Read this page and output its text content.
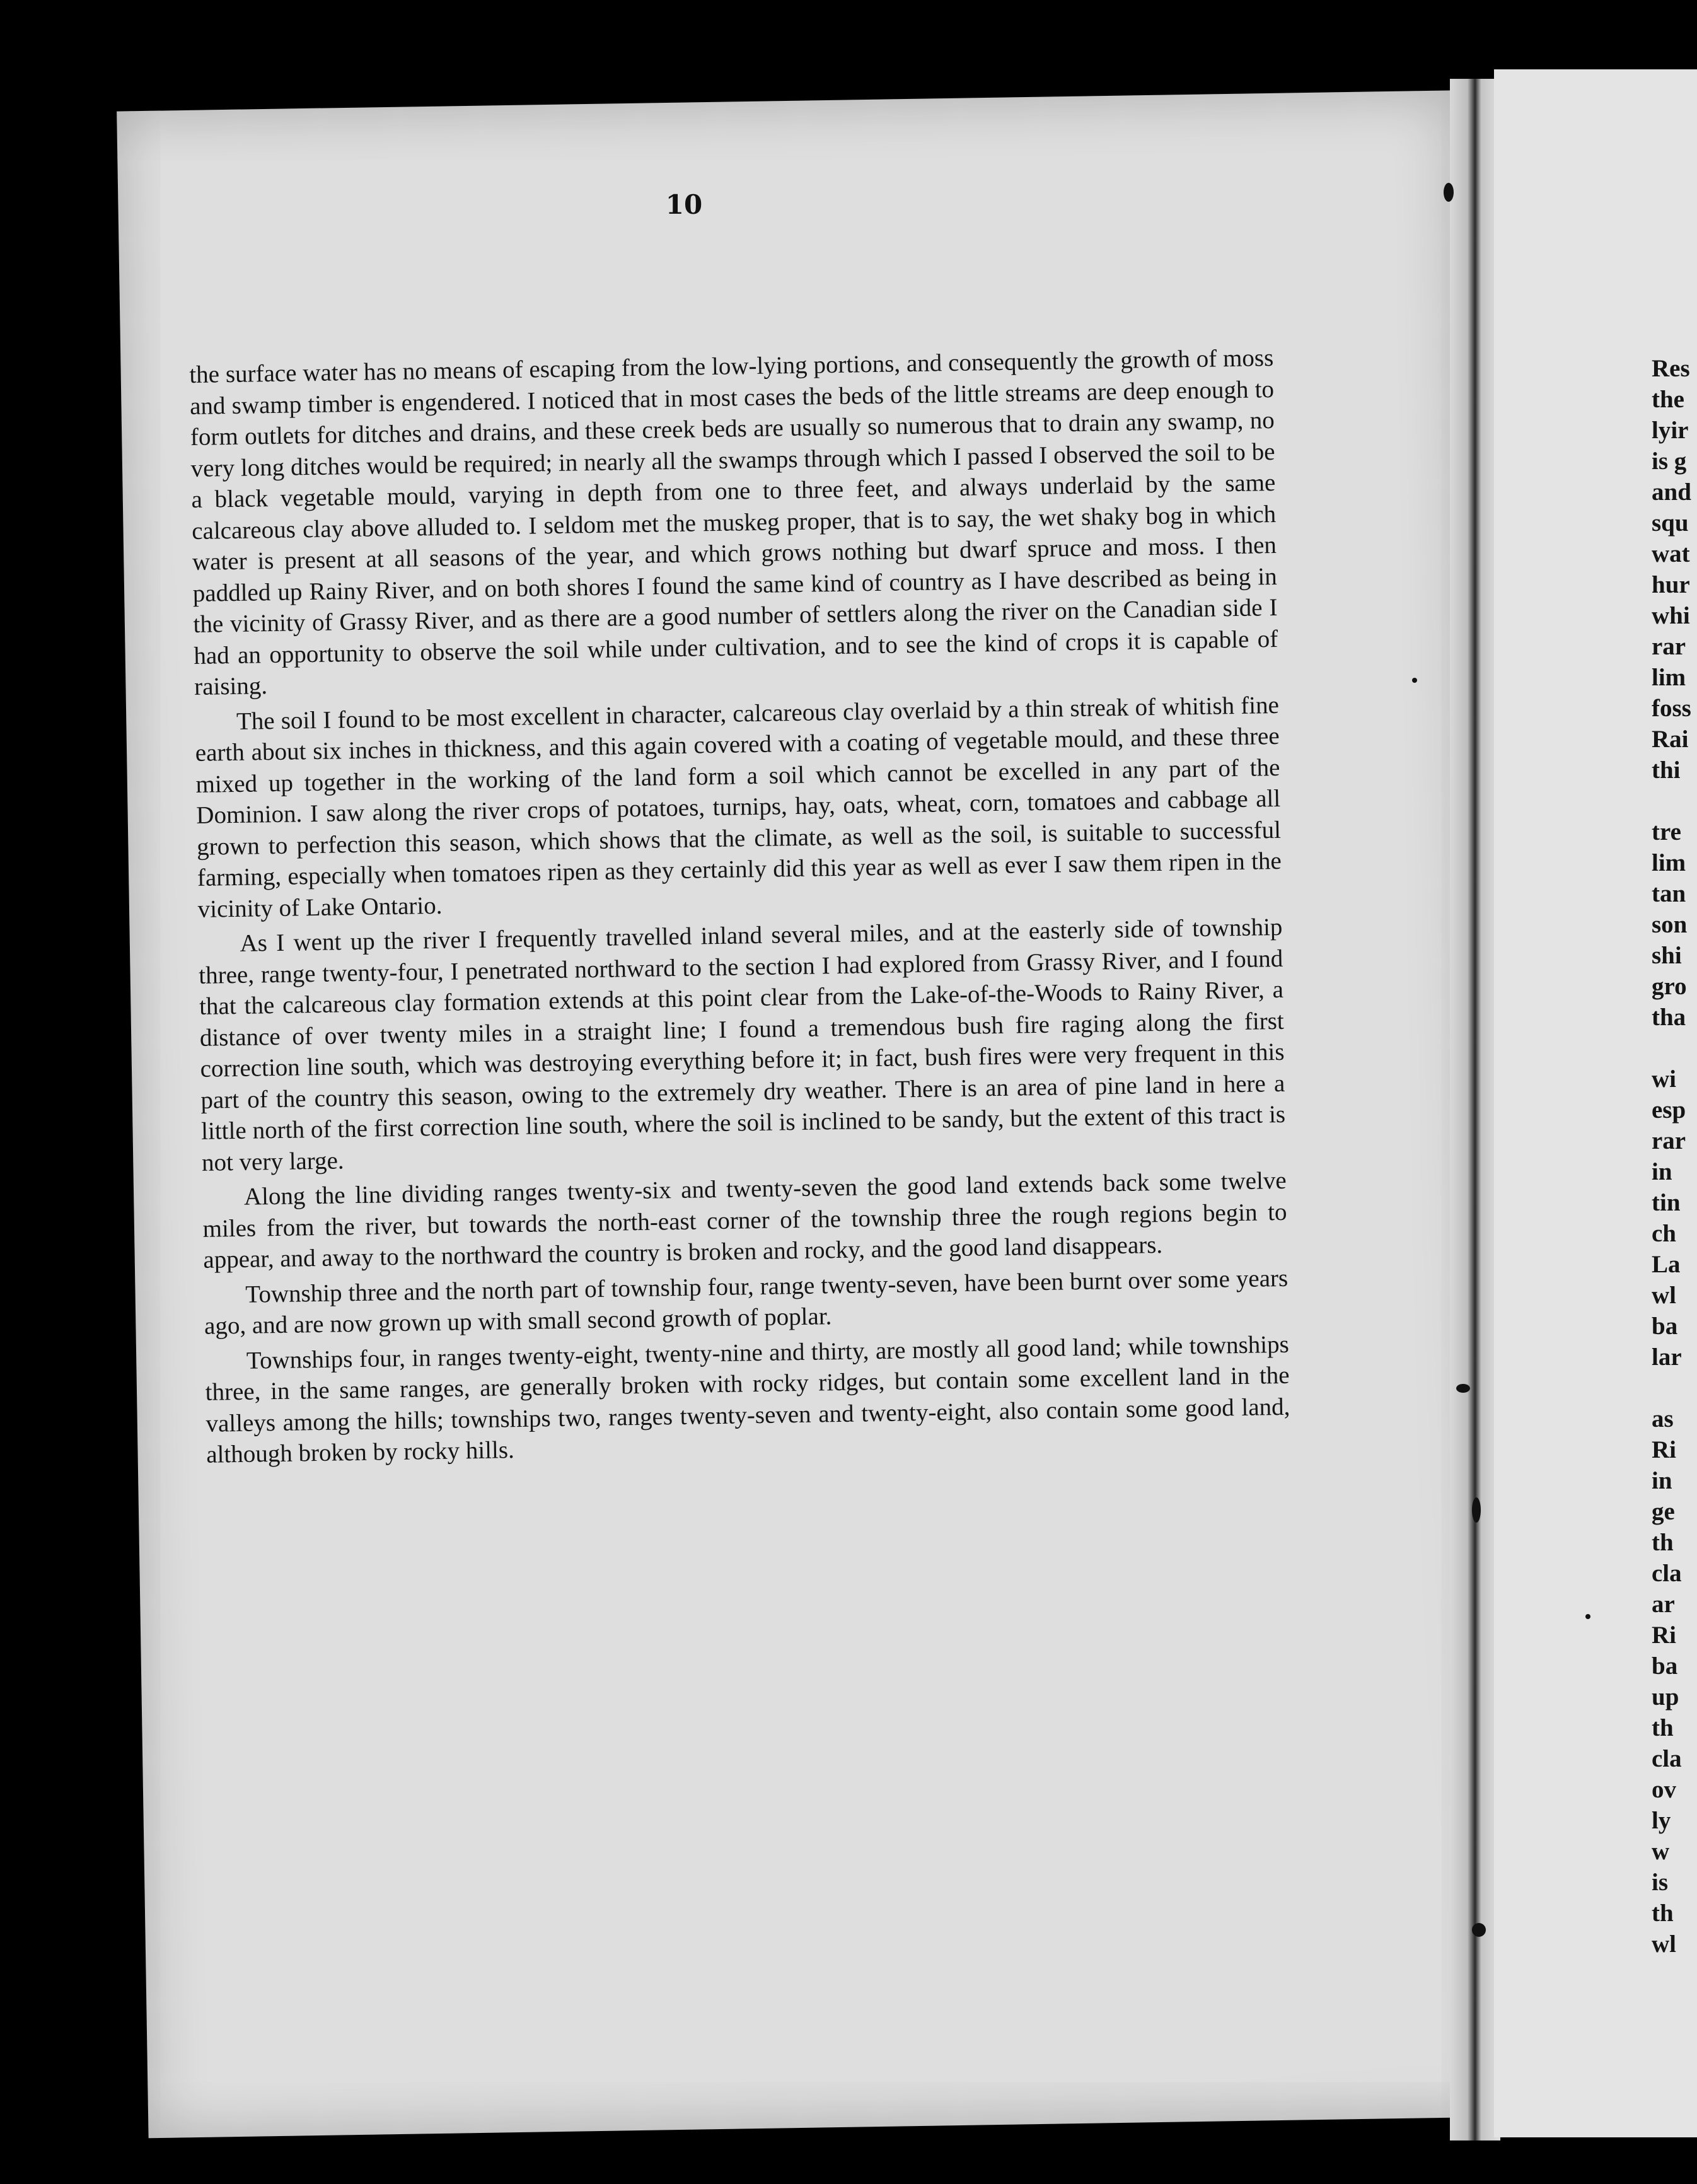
10

the surface water has no means of escaping from the low-lying portions, and consequently the growth of moss and swamp timber is engendered. I noticed that in most cases the beds of the little streams are deep enough to form outlets for ditches and drains, and these creek beds are usually so numerous that to drain any swamp, no very long ditches would be required; in nearly all the swamps through which I passed I observed the soil to be a black vegetable mould, varying in depth from one to three feet, and always underlaid by the same calcareous clay above alluded to. I seldom met the muskeg proper, that is to say, the wet shaky bog in which water is present at all seasons of the year, and which grows nothing but dwarf spruce and moss. I then paddled up Rainy River, and on both shores I found the same kind of country as I have described as being in the vicinity of Grassy River, and as there are a good number of settlers along the river on the Canadian side I had an opportunity to observe the soil while under cultivation, and to see the kind of crops it is capable of raising.

The soil I found to be most excellent in character, calcareous clay overlaid by a thin streak of whitish fine earth about six inches in thickness, and this again covered with a coating of vegetable mould, and these three mixed up together in the working of the land form a soil which cannot be excelled in any part of the Dominion. I saw along the river crops of potatoes, turnips, hay, oats, wheat, corn, tomatoes and cabbage all grown to perfection this season, which shows that the climate, as well as the soil, is suitable to successful farming, especially when tomatoes ripen as they certainly did this year as well as ever I saw them ripen in the vicinity of Lake Ontario.

As I went up the river I frequently travelled inland several miles, and at the easterly side of township three, range twenty-four, I penetrated northward to the section I had explored from Grassy River, and I found that the calcareous clay formation extends at this point clear from the Lake-of-the-Woods to Rainy River, a distance of over twenty miles in a straight line; I found a tremendous bush fire raging along the first correction line south, which was destroying everything before it; in fact, bush fires were very frequent in this part of the country this season, owing to the extremely dry weather. There is an area of pine land in here a little north of the first correction line south, where the soil is inclined to be sandy, but the extent of this tract is not very large.

Along the line dividing ranges twenty-six and twenty-seven the good land extends back some twelve miles from the river, but towards the north-east corner of the township three the rough regions begin to appear, and away to the northward the country is broken and rocky, and the good land disappears.

Township three and the north part of township four, range twenty-seven, have been burnt over some years ago, and are now grown up with small second growth of poplar.

Townships four, in ranges twenty-eight, twenty-nine and thirty, are mostly all good land; while townships three, in the same ranges, are generally broken with rocky ridges, but contain some excellent land in the valleys among the hills; townships two, ranges twenty-seven and twenty-eight, also contain some good land, although broken by rocky hills.

Res
the
lyir
is g
and
squ
wat
hur
whi
rar
lim
foss
Rai
thi
tre
lim
tan
son
shi
gro
tha
wi
esp
rar
in
tin
ch
La
wl
ba
lar
as
Ri
in
ge
th
cla
ar
Ri
ba
up
th
cla
ov
ly
w
is
th
wl
